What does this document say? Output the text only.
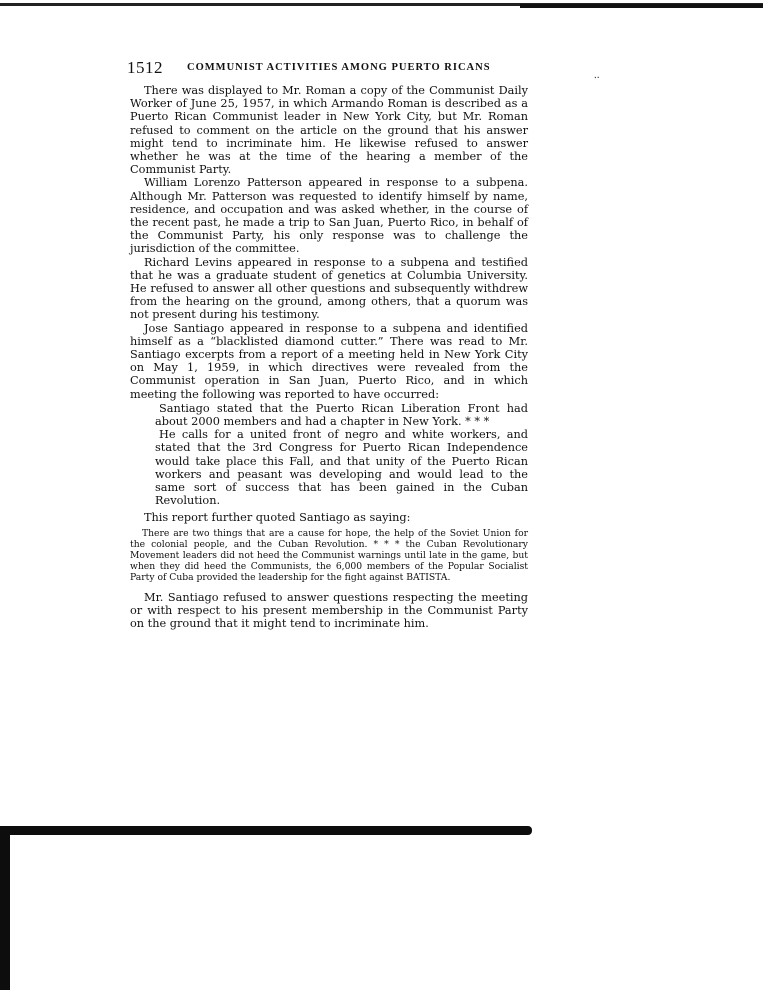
1512 COMMUNIST ACTIVITIES AMONG PUERTO RICANS
⸱·

There was displayed to Mr. Roman a copy of the Communist Daily Worker of June 25, 1957, in which Armando Roman is described as a Puerto Rican Communist leader in New York City, but Mr. Roman refused to comment on the article on the ground that his answer might tend to incriminate him. He likewise refused to answer whether he was at the time of the hearing a member of the Communist Party.

William Lorenzo Patterson appeared in response to a subpena. Although Mr. Patterson was requested to identify himself by name, residence, and occupation and was asked whether, in the course of the recent past, he made a trip to San Juan, Puerto Rico, in behalf of the Communist Party, his only response was to challenge the jurisdiction of the committee.

Richard Levins appeared in response to a subpena and testified that he was a graduate student of genetics at Columbia University. He refused to answer all other questions and subsequently withdrew from the hearing on the ground, among others, that a quorum was not present during his testimony.

Jose Santiago appeared in response to a subpena and identified himself as a “blacklisted diamond cutter.” There was read to Mr. Santiago excerpts from a report of a meeting held in New York City on May 1, 1959, in which directives were revealed from the Communist operation in San Juan, Puerto Rico, and in which meeting the following was reported to have occurred:

Santiago stated that the Puerto Rican Liberation Front had about 2000 members and had a chapter in New York. * * *
He calls for a united front of negro and white workers, and stated that the 3rd Congress for Puerto Rican Independence would take place this Fall, and that unity of the Puerto Rican workers and peasant was developing and would lead to the same sort of success that has been gained in the Cuban Revolution.

This report further quoted Santiago as saying:

There are two things that are a cause for hope, the help of the Soviet Union for the colonial people, and the Cuban Revolution. * * * the Cuban Revolutionary Movement leaders did not heed the Communist warnings until late in the game, but when they did heed the Communists, the 6,000 members of the Popular Socialist Party of Cuba provided the leadership for the fight against BATISTA.

Mr. Santiago refused to answer questions respecting the meeting or with respect to his present membership in the Communist Party on the ground that it might tend to incriminate him.
